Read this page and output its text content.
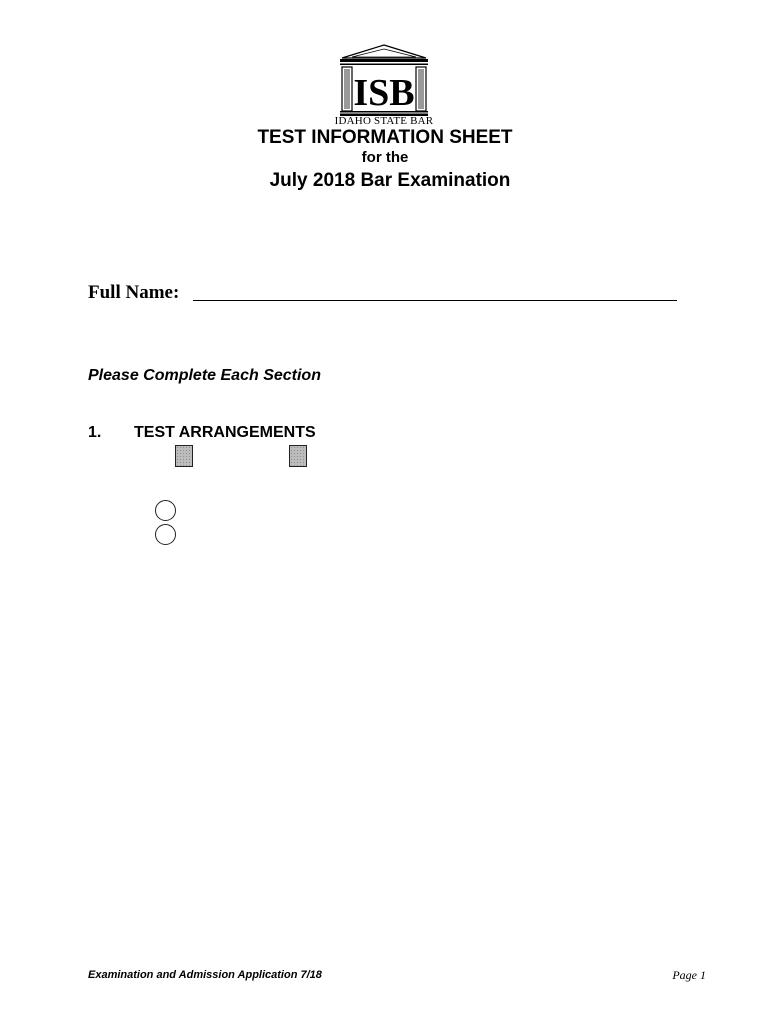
ISB
IDAHO STATE BAR
TEST INFORMATION SHEET
for the
July 2018 Bar Examination
Full Name:
Please Complete Each Section
1. TEST ARRANGEMENTS
Examination and Admission Application 7/18	Page 1
